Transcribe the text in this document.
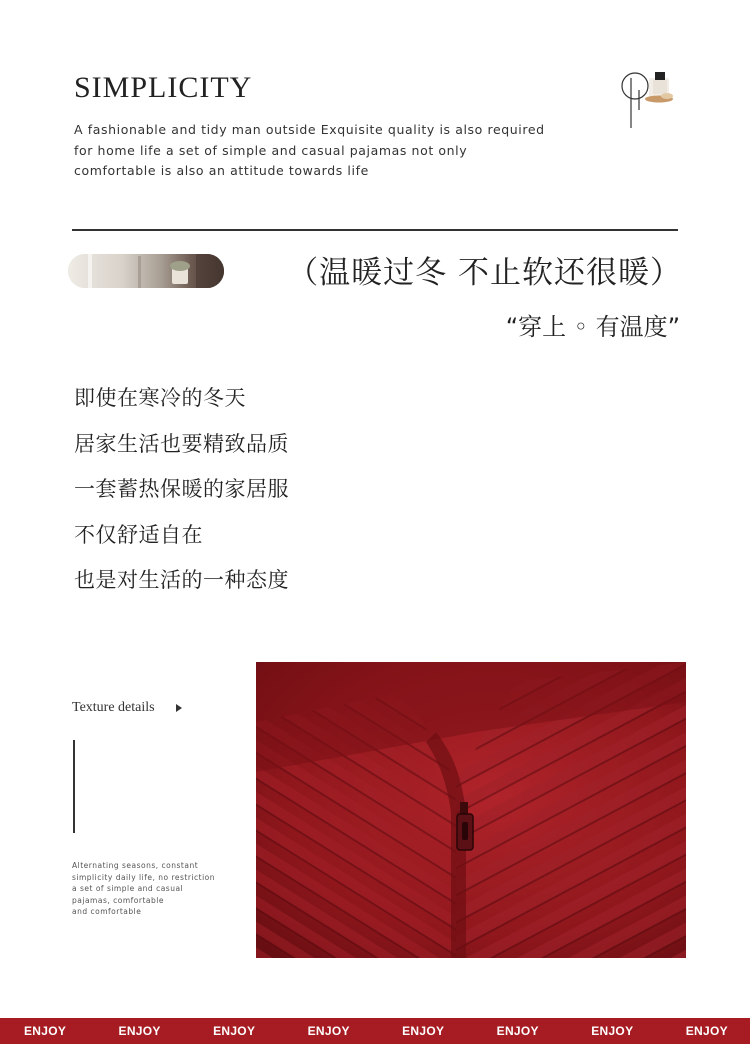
SIMPLICITY
A fashionable and tidy man outside Exquisite quality is also required
for home life a set of simple and casual pajamas not only
comfortable is also an attitude towards life
（温暖过冬 不止软还很暖）
“穿上 ◦ 有温度”
即使在寒冷的冬天
居家生活也要精致品质
一套蓄热保暖的家居服
不仅舒适自在
也是对生活的一种态度
Texture details
Alternating seasons, constant
simplicity daily life, no restriction
a set of simple and casual
pajamas, comfortable
and comfortable
ENJOY	ENJOY	ENJOY	ENJOY	ENJOY	ENJOY	ENJOY	ENJOY
